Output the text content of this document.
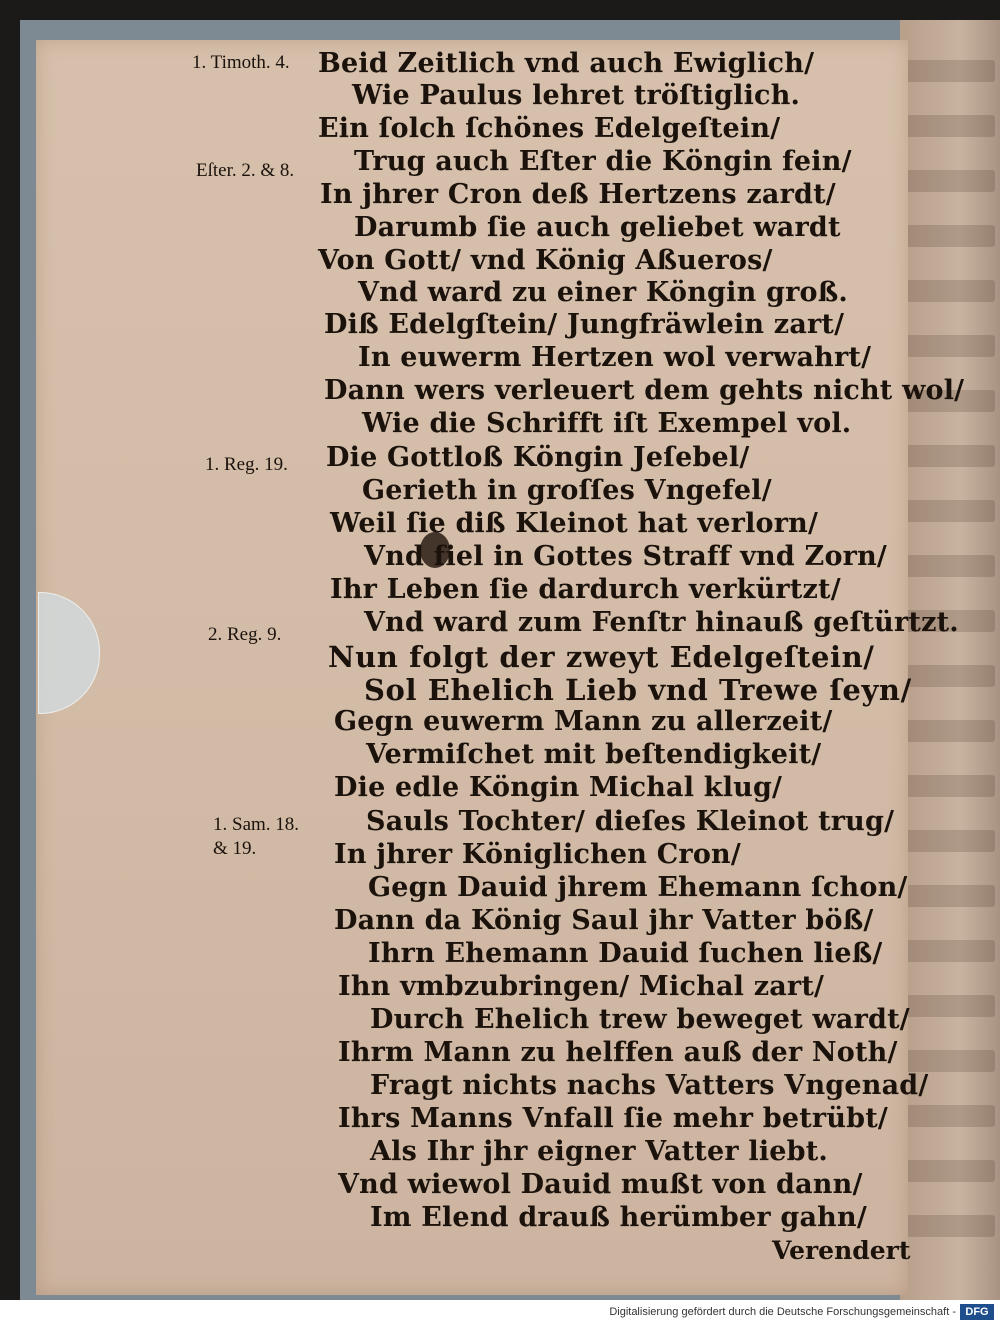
1. Timoth. 4.
Eſter. 2. & 8.
1. Reg. 19.
2. Reg. 9.
1. Sam. 18.
& 19.
Beid Zeitlich vnd auch Ewiglich/
Wie Paulus lehret tröſtiglich.
Ein ſolch ſchönes Edelgeſtein/
Trug auch Eſter die Köngin fein/
In jhrer Cron deß Hertzens zardt/
Darumb ſie auch geliebet wardt
Von Gott/ vnd König Aßueros/
Vnd ward zu einer Köngin groß.
Diß Edelgſtein/ Jungfräwlein zart/
In euwerm Hertzen wol verwahrt/
Dann wers verleuert dem gehts nicht wol/
Wie die Schrifft iſt Exempel vol.
Die Gottloß Köngin Jeſebel/
Gerieth in groſſes Vngefel/
Weil ſie diß Kleinot hat verlorn/
Vnd fiel in Gottes Straff vnd Zorn/
Ihr Leben ſie dardurch verkürtzt/
Vnd ward zum Fenſtr hinauß geſtürtzt.
Nun folgt der zweyt Edelgeſtein/
Sol Ehelich Lieb vnd Trewe ſeyn/
Gegn euwerm Mann zu allerzeit/
Vermiſchet mit beſtendigkeit/
Die edle Köngin Michal klug/
Sauls Tochter/ dieſes Kleinot trug/
In jhrer Königlichen Cron/
Gegn Dauid jhrem Ehemann ſchon/
Dann da König Saul jhr Vatter böß/
Ihrn Ehemann Dauid ſuchen ließ/
Ihn vmbzubringen/ Michal zart/
Durch Ehelich trew beweget wardt/
Ihrm Mann zu helffen auß der Noth/
Fragt nichts nachs Vatters Vngenad/
Ihrs Manns Vnfall ſie mehr betrübt/
Als Ihr jhr eigner Vatter liebt.
Vnd wiewol Dauid mußt von dann/
Im Elend drauß herümber gahn/
Verendert
Digitalisierung gefördert durch die Deutsche Forschungsgemeinschaft - DFG
